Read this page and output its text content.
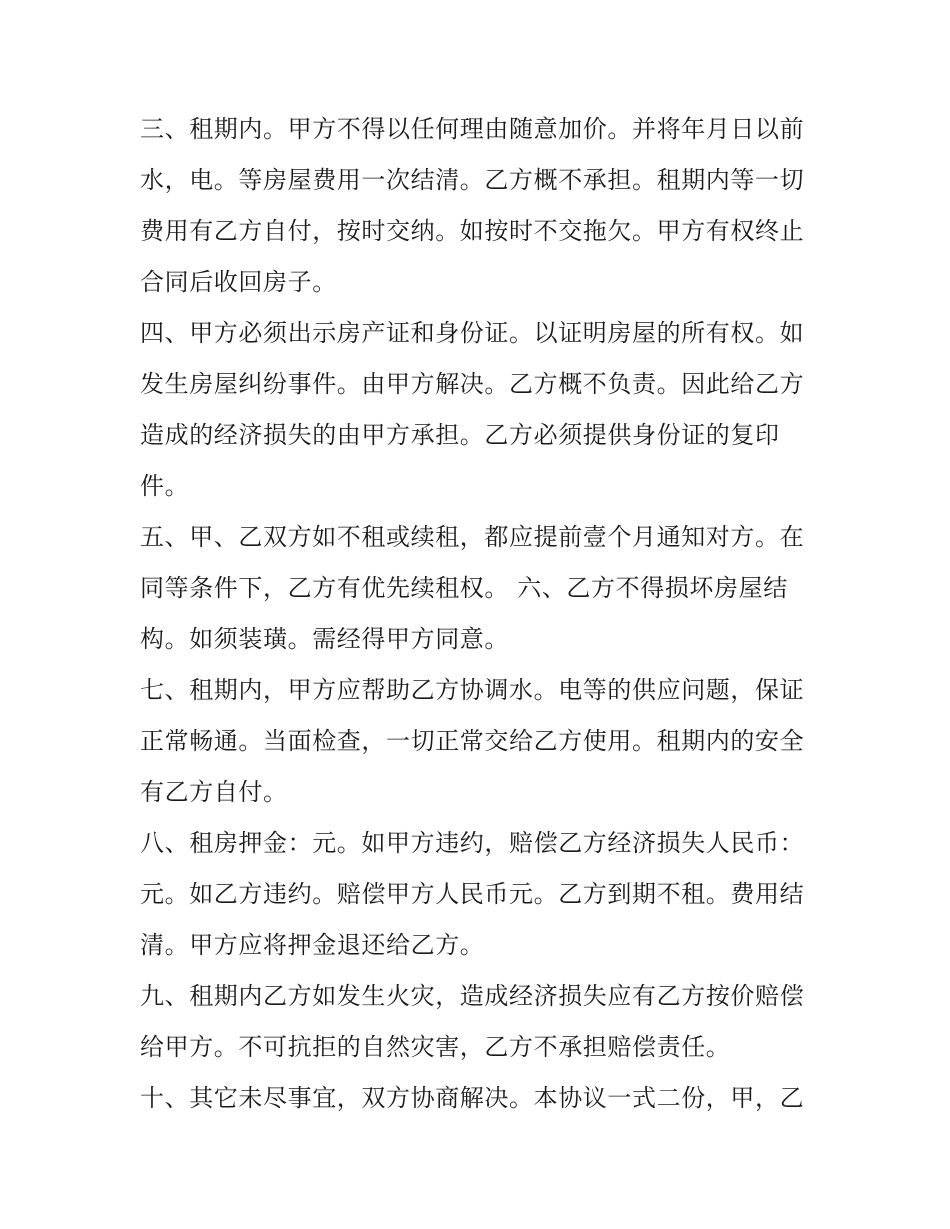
三、租期内。甲方不得以任何理由随意加价。并将年月日以前
水，电。等房屋费用一次结清。乙方概不承担。租期内等一切
费用有乙方自付，按时交纳。如按时不交拖欠。甲方有权终止
合同后收回房子。
四、甲方必须出示房产证和身份证。以证明房屋的所有权。如
发生房屋纠纷事件。由甲方解决。乙方概不负责。因此给乙方
造成的经济损失的由甲方承担。乙方必须提供身份证的复印
件。
五、甲、乙双方如不租或续租，都应提前壹个月通知对方。在
同等条件下，乙方有优先续租权。 六、乙方不得损坏房屋结
构。如须装璜。需经得甲方同意。
七、租期内，甲方应帮助乙方协调水。电等的供应问题，保证
正常畅通。当面检查，一切正常交给乙方使用。租期内的安全
有乙方自付。
八、租房押金：元。如甲方违约，赔偿乙方经济损失人民币：
元。如乙方违约。赔偿甲方人民币元。乙方到期不租。费用结
清。甲方应将押金退还给乙方。
九、租期内乙方如发生火灾，造成经济损失应有乙方按价赔偿
给甲方。不可抗拒的自然灾害，乙方不承担赔偿责任。
十、其它未尽事宜，双方协商解决。本协议一式二份，甲，乙
